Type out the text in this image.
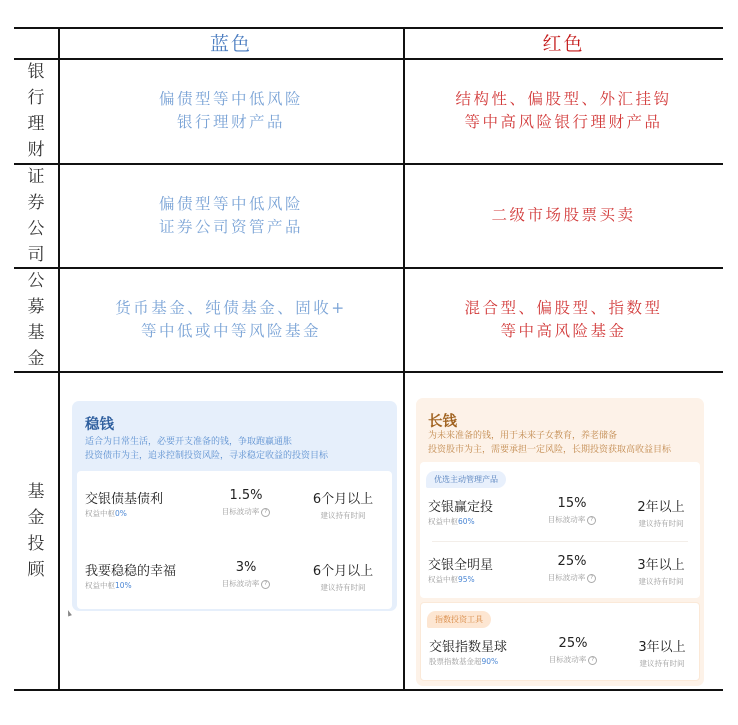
蓝色	红色
银
行
理
财
偏债型等中低风险
银行理财产品
结构性、偏股型、外汇挂钩
等中高风险银行理财产品
证
券
公
司
偏债型等中低风险
证券公司资管产品
二级市场股票买卖
公
募
基
金
货币基金、纯债基金、固收+
等中低或中等风险基金
混合型、偏股型、指数型
等中高风险基金
基
金
投
顾
稳钱
适合为日常生活，必要开支准备的钱，争取跑赢通胀
投资债市为主，追求控制投资风险，寻求稳定收益的投资目标
交银债基债利
权益中枢0%
1.5%
目标波动率 ?
6个月以上
建议持有时间
我要稳稳的幸福
权益中枢10%
3%
目标波动率 ?
6个月以上
建议持有时间
长钱
为未来准备的钱，用于未来子女教育，养老储备
投资股市为主，需要承担一定风险，长期投资获取高收益目标
优选主动管理产品
交银赢定投
权益中枢60%
15%
目标波动率 ?
2年以上
建议持有时间
交银全明星
权益中枢95%
25%
目标波动率 ?
3年以上
建议持有时间
指数投资工具
交银指数星球
股票指数基金超90%
25%
目标波动率 ?
3年以上
建议持有时间
